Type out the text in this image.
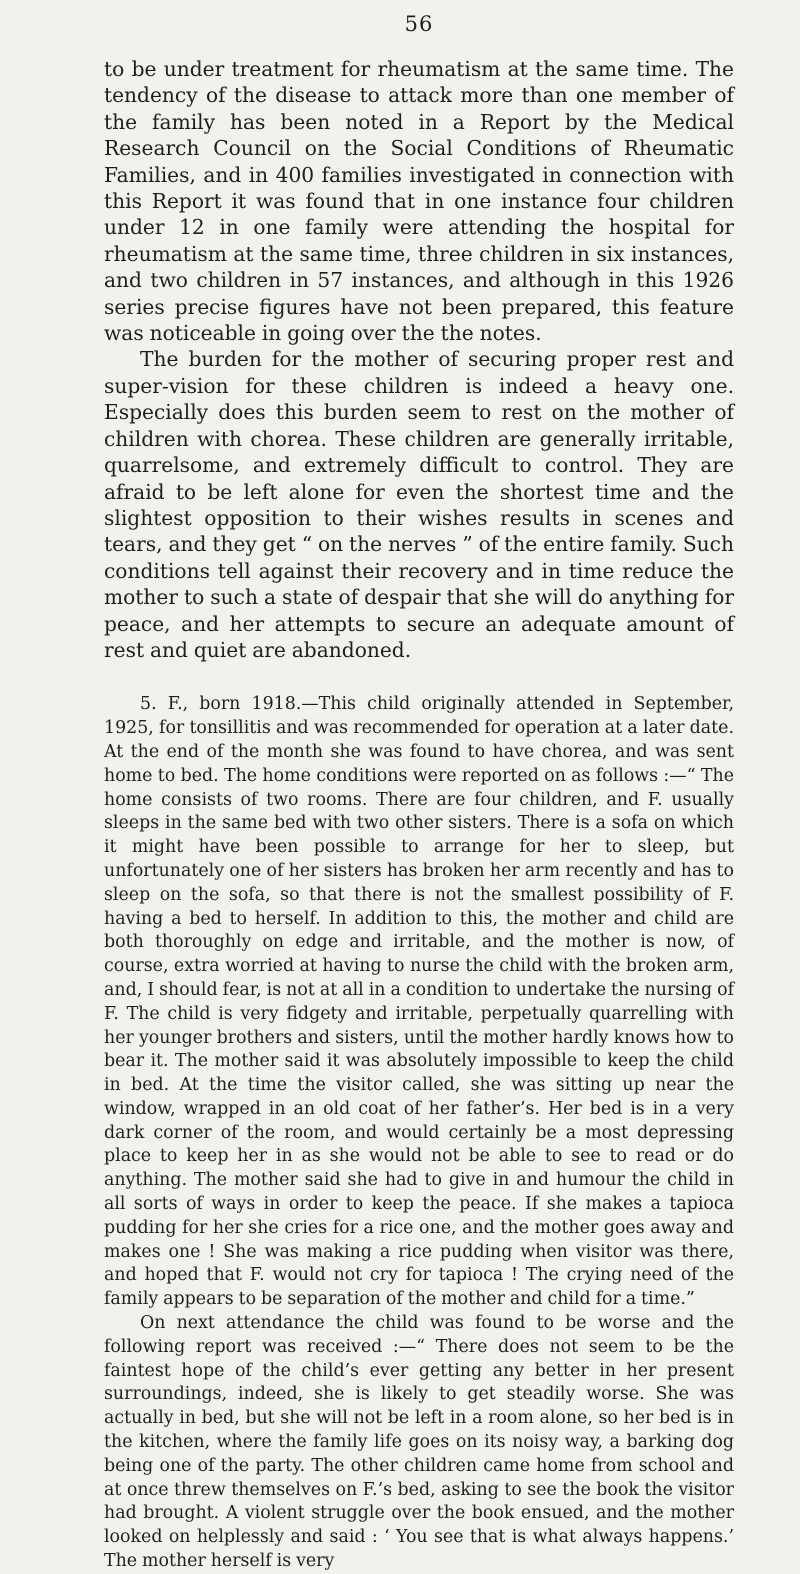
56

to be under treatment for rheumatism at the same time. The tendency of the disease to attack more than one member of the family has been noted in a Report by the Medical Research Council on the Social Conditions of Rheumatic Families, and in 400 families investigated in connection with this Report it was found that in one instance four children under 12 in one family were attending the hospital for rheumatism at the same time, three children in six instances, and two children in 57 instances, and although in this 1926 series precise figures have not been prepared, this feature was noticeable in going over the the notes.

The burden for the mother of securing proper rest and super-vision for these children is indeed a heavy one. Especially does this burden seem to rest on the mother of children with chorea. These children are generally irritable, quarrelsome, and extremely difficult to control. They are afraid to be left alone for even the shortest time and the slightest opposition to their wishes results in scenes and tears, and they get “ on the nerves ” of the entire family. Such conditions tell against their recovery and in time reduce the mother to such a state of despair that she will do anything for peace, and her attempts to secure an adequate amount of rest and quiet are abandoned.

5. F., born 1918.—This child originally attended in September, 1925, for tonsillitis and was recommended for operation at a later date. At the end of the month she was found to have chorea, and was sent home to bed. The home conditions were reported on as follows :—“ The home consists of two rooms. There are four children, and F. usually sleeps in the same bed with two other sisters. There is a sofa on which it might have been possible to arrange for her to sleep, but unfortunately one of her sisters has broken her arm recently and has to sleep on the sofa, so that there is not the smallest possibility of F. having a bed to herself. In addition to this, the mother and child are both thoroughly on edge and irritable, and the mother is now, of course, extra worried at having to nurse the child with the broken arm, and, I should fear, is not at all in a condition to undertake the nursing of F. The child is very fidgety and irritable, perpetually quarrelling with her younger brothers and sisters, until the mother hardly knows how to bear it. The mother said it was absolutely impossible to keep the child in bed. At the time the visitor called, she was sitting up near the window, wrapped in an old coat of her father’s. Her bed is in a very dark corner of the room, and would certainly be a most depressing place to keep her in as she would not be able to see to read or do anything. The mother said she had to give in and humour the child in all sorts of ways in order to keep the peace. If she makes a tapioca pudding for her she cries for a rice one, and the mother goes away and makes one ! She was making a rice pudding when visitor was there, and hoped that F. would not cry for tapioca ! The crying need of the family appears to be separation of the mother and child for a time.”

On next attendance the child was found to be worse and the following report was received :—“ There does not seem to be the faintest hope of the child’s ever getting any better in her present surroundings, indeed, she is likely to get steadily worse. She was actually in bed, but she will not be left in a room alone, so her bed is in the kitchen, where the family life goes on its noisy way, a barking dog being one of the party. The other children came home from school and at once threw themselves on F.’s bed, asking to see the book the visitor had brought. A violent struggle over the book ensued, and the mother looked on helplessly and said : ‘ You see that is what always happens.’ The mother herself is very
